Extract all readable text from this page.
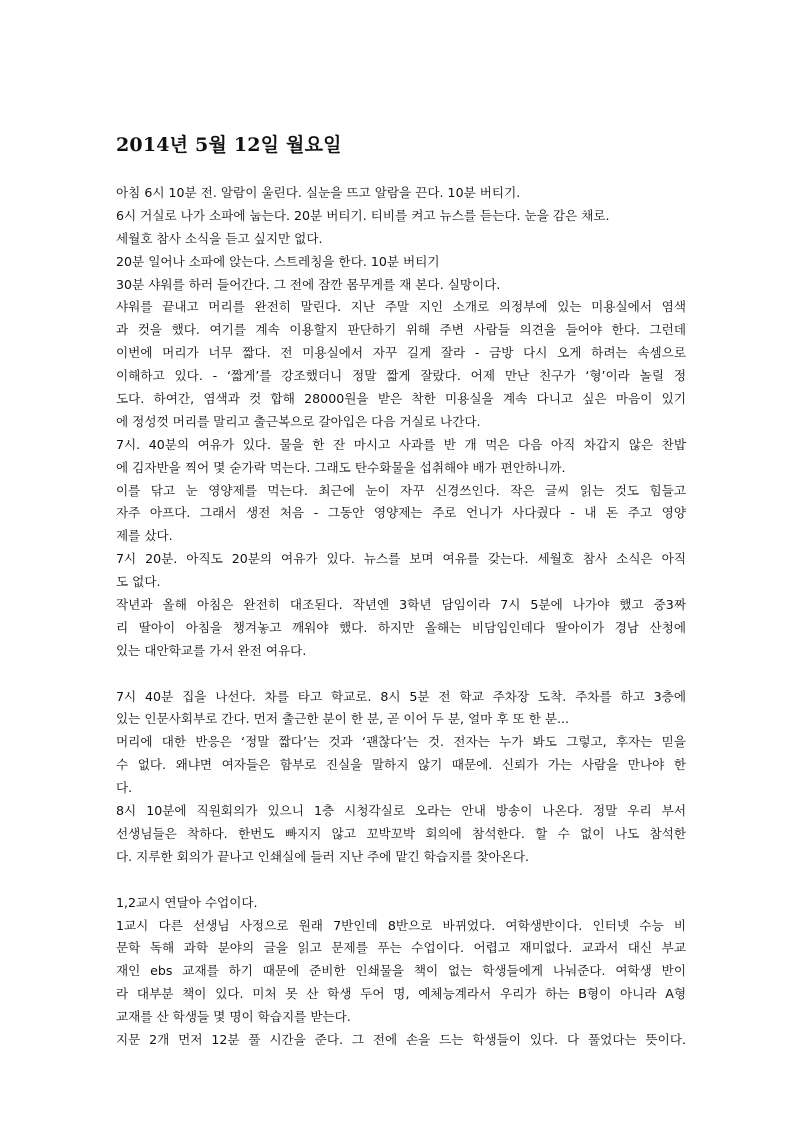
2014년 5월 12일 월요일
아침 6시 10분 전. 알람이 울린다. 실눈을 뜨고 알람을 끈다. 10분 버티기.
6시 거실로 나가 소파에 눕는다. 20분 버티기. 티비를 켜고 뉴스를 듣는다. 눈을 감은 채로.
세월호 참사 소식을 듣고 싶지만 없다.
20분 일어나 소파에 앉는다. 스트레칭을 한다. 10분 버티기
30분 샤워를 하러 들어간다. 그 전에 잠깐 몸무게를 재 본다. 실망이다.
샤워를 끝내고 머리를 완전히 말린다. 지난 주말 지인 소개로 의정부에 있는 미용실에서 염색
과 컷을 했다. 여기를 계속 이용할지 판단하기 위해 주변 사람들 의견을 들어야 한다. 그런데
이번에 머리가 너무 짧다. 전 미용실에서 자꾸 길게 잘라 - 금방 다시 오게 하려는 속셈으로
이해하고 있다. - ‘짧게’를 강조했더니 정말 짧게 잘랐다. 어제 만난 친구가 ‘형’이라 놀릴 정
도다. 하여간, 염색과 컷 합해 28000원을 받은 착한 미용실을 계속 다니고 싶은 마음이 있기
에 정성껏 머리를 말리고 출근복으로 갈아입은 다음 거실로 나간다.
7시. 40분의 여유가 있다. 물을 한 잔 마시고 사과를 반 개 먹은 다음 아직 차갑지 않은 찬밥
에 김자반을 찍어 몇 숟가락 먹는다. 그래도 탄수화물을 섭취해야 배가 편안하니까.
이를 닦고 눈 영양제를 먹는다. 최근에 눈이 자꾸 신경쓰인다. 작은 글씨 읽는 것도 힘들고
자주 아프다. 그래서 생전 처음 - 그동안 영양제는 주로 언니가 사다줬다 - 내 돈 주고 영양
제를 샀다.
7시 20분. 아직도 20분의 여유가 있다. 뉴스를 보며 여유를 갖는다. 세월호 참사 소식은 아직
도 없다.
작년과 올해 아침은 완전히 대조된다. 작년엔 3학년 담임이라 7시 5분에 나가야 했고 중3짜
리 딸아이 아침을 챙겨놓고 깨워야 했다. 하지만 올해는 비담임인데다 딸아이가 경남 산청에
있는 대안학교를 가서 완전 여유다.
7시 40분 집을 나선다. 차를 타고 학교로. 8시 5분 전 학교 주차장 도착. 주차를 하고 3층에
있는 인문사회부로 간다. 먼저 출근한 분이 한 분, 곧 이어 두 분, 얼마 후 또 한 분...
머리에 대한 반응은 ‘정말 짧다’는 것과 ‘괜찮다’는 것. 전자는 누가 봐도 그렇고, 후자는 믿을
수 없다. 왜냐면 여자들은 함부로 진실을 말하지 않기 때문에. 신뢰가 가는 사람을 만나야 한
다.
8시 10분에 직원회의가 있으니 1층 시청각실로 오라는 안내 방송이 나온다. 정말 우리 부서
선생님들은 착하다. 한번도 빠지지 않고 꼬박꼬박 회의에 참석한다. 할 수 없이 나도 참석한
다. 지루한 회의가 끝나고 인쇄실에 들러 지난 주에 맡긴 학습지를 찾아온다.
1,2교시 연달아 수업이다.
1교시 다른 선생님 사정으로 원래 7반인데 8반으로 바뀌었다. 여학생반이다. 인터넷 수능 비
문학 독해 과학 분야의 글을 읽고 문제를 푸는 수업이다. 어렵고 재미없다. 교과서 대신 부교
재인 ebs 교재를 하기 때문에 준비한 인쇄물을 책이 없는 학생들에게 나눠준다. 여학생 반이
라 대부분 책이 있다. 미처 못 산 학생 두어 명, 예체능계라서 우리가 하는 B형이 아니라 A형
교재를 산 학생들 몇 명이 학습지를 받는다.
지문 2개 먼저 12분 풀 시간을 준다. 그 전에 손을 드는 학생들이 있다. 다 풀었다는 뜻이다.
